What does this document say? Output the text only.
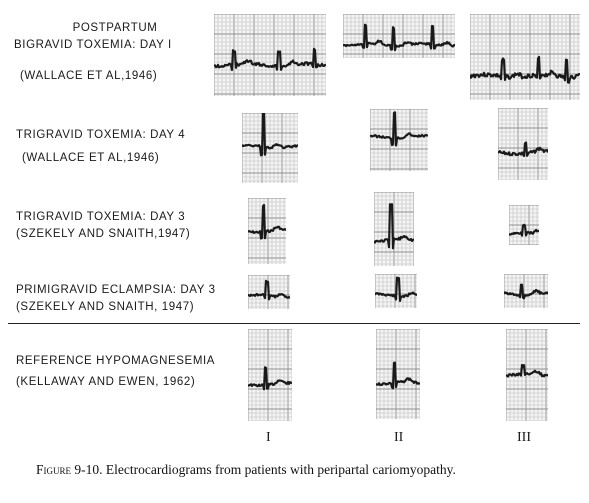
POSTPARTUM
BIGRAVID TOXEMIA: DAY I
(WALLACE ET AL,1946)
TRIGRAVID TOXEMIA: DAY 4
(WALLACE ET AL,1946)
TRIGRAVID TOXEMIA: DAY 3
(SZEKELY AND SNAITH,1947)
PRIMIGRAVID ECLAMPSIA: DAY 3
(SZEKELY AND SNAITH, 1947)
REFERENCE HYPOMAGNESEMIA
(KELLAWAY AND EWEN, 1962)
I	II	III
Figure 9-10. Electrocardiograms from patients with peripartal cariomyopathy.
